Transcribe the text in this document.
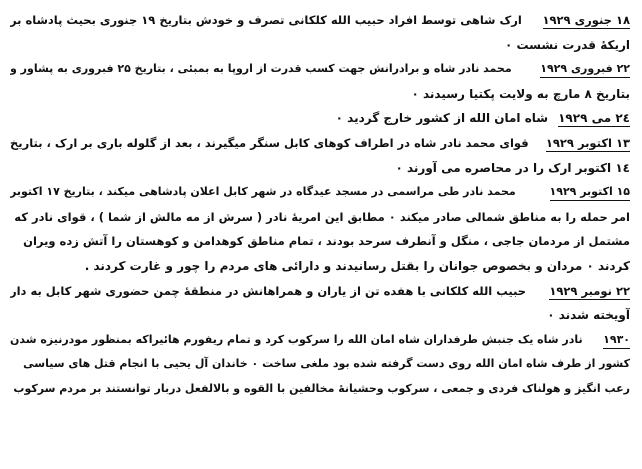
۱۸ جنوری ۱۹۲۹
ارک شاهی توسط افراد حبیب الله کلکانی تصرف و خودش بتاریخ ۱۹ جنوری بحیث پادشاه بر
اریکهٔ قدرت نشست ٠
۲۲ فبروری ۱۹۲۹
محمد نادر شاه و برادرانش جهت کسب قدرت از اروپا به بمبئی ، بتاریخ ۲۵ فبروری به پشاور و
بتاریخ ۸ مارچ به ولایت پکتیا رسیدند ٠
۲٤ می ۱۹۲۹
شاه امان الله از کشور خارج گردید ٠
۱۳ اکتوبر ۱۹۲۹
قوای محمد نادر شاه در اطراف کوهای کابل سنگر میگیرند ، بعد از گلوله باری بر ارک ، بتاریخ
۱٤ اکتوبر ارک را در محاصره می آورند ٠
۱۵ اکتوبر ۱۹۲۹
محمد نادر طی مراسمی در مسجد عیدگاه در شهر کابل اعلان پادشاهی میکند ، بتاریخ ۱۷ اکتوبر
امر حمله را به مناطق شمالی صادر میکند ٠ مطابق این امریهٔ نادر ( سرش از مه مالش از شما ) ، قوای نادر که
مشتمل از مردمان جاجی ، منگل و آنطرف سرحد بودند ، تمام مناطق کوهدامن و کوهستان را آتش زده ویران
کردند ٠ مردان و بخصوص جوانان را بقتل رسانیدند و دارائی های مردم را چور و غارت کردند .
۲۲ نومبر ۱۹۲۹
حبیب الله کلکانی با هفده تن از یاران و همراهانش در منطقهٔ چمن حضوری شهر کابل به دار
آویخته شدند ٠
۱۹۳۰
نادر شاه یک جنبش طرفداران شاه امان الله را سرکوب کرد و تمام ریفورم هائیراکه بمنظور مودرنیزه شدن
کشور از طرف شاه امان الله روی دست گرفته شده بود ملغی ساخت ٠ خاندان آل یحیی با انجام قتل های سیاسی
رعب انگیز و هولناک فردی و جمعی ، سرکوب وحشیانهٔ مخالفین با القوه و بالالفعل دربار توانستند بر مردم سرکوب
